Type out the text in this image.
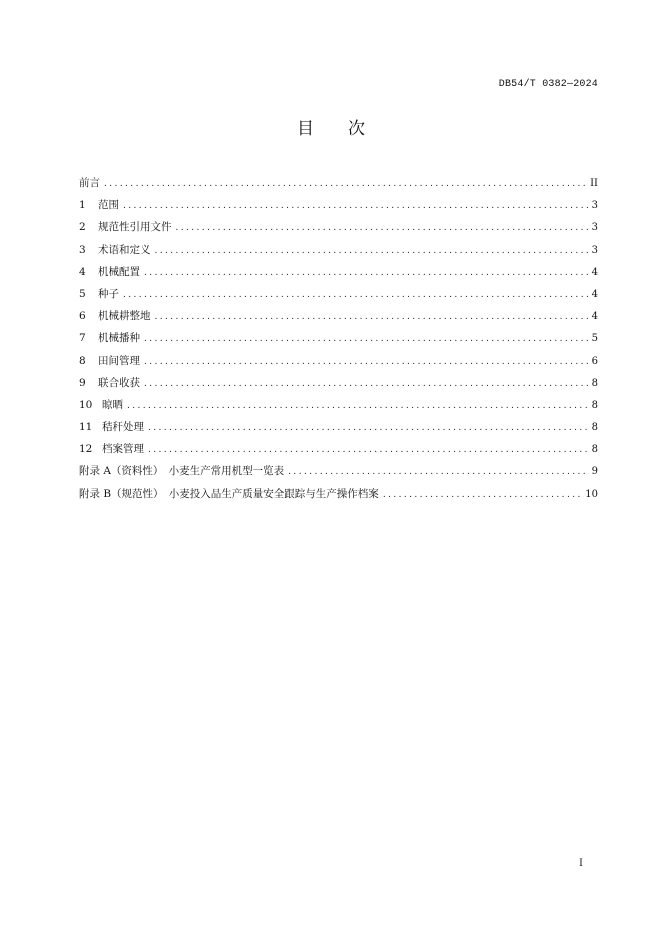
DB54/T 0382—2024
目 次
前言 .....	II
1	范围 .....	3
2	规范性引用文件 .....	3
3	术语和定义 .....	3
4	机械配置 .....	4
5	种子 .....	4
6	机械耕整地 .....	4
7	机械播种 .....	5
8	田间管理 .....	6
9	联合收获 .....	8
10 晾晒 .....	8
11 秸秆处理 .....	8
12 档案管理 .....	8
附录 A（资料性）　小麦生产常用机型一览表 .....	9
附录 B（规范性）　小麦投入品生产质量安全跟踪与生产操作档案 .....	10
I
